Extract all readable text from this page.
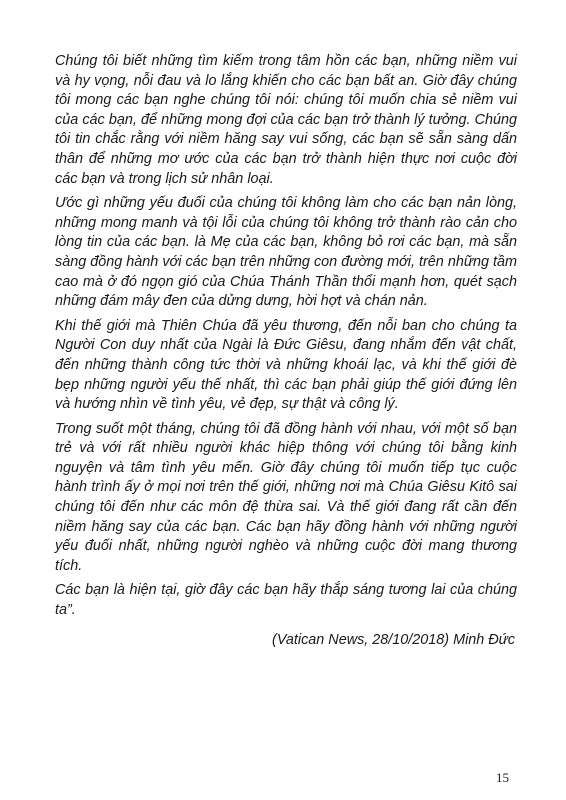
Chúng tôi biết những tìm kiếm trong tâm hồn các bạn, những niềm vui và hy vọng, nỗi đau và lo lắng khiến cho các bạn bất an. Giờ đây chúng tôi mong các bạn nghe chúng tôi nói: chúng tôi muốn chia sẻ niềm vui của các bạn, để những mong đợi của các bạn trở thành lý tưởng. Chúng tôi tin chắc rằng với niềm hăng say vui sống, các bạn sẽ sẵn sàng dấn thân để những mơ ước của các bạn trở thành hiện thực nơi cuộc đời các bạn và trong lịch sử nhân loại.

Ước gì những yếu đuối của chúng tôi không làm cho các bạn nản lòng, những mong manh và tội lỗi của chúng tôi không trở thành rào cản cho lòng tin của các bạn. là Mẹ của các bạn, không bỏ rơi các bạn, mà sẵn sàng đồng hành với các bạn trên những con đường mới, trên những tầm cao mà ở đó ngọn gió của Chúa Thánh Thần thổi mạnh hơn, quét sạch những đám mây đen của dửng dưng, hời hợt và chán nản.

Khi thế giới mà Thiên Chúa đã yêu thương, đến nỗi ban cho chúng ta Người Con duy nhất của Ngài là Đức Giêsu, đang nhắm đến vật chất, đến những thành công tức thời và những khoái lạc, và khi thế giới đè bẹp những người yếu thế nhất, thì các bạn phải giúp thế giới đứng lên và hướng nhìn về tình yêu, vẻ đẹp, sự thật và công lý.

Trong suốt một tháng, chúng tôi đã đồng hành với nhau, với một số bạn trẻ và với rất nhiều người khác hiệp thông với chúng tôi bằng kinh nguyện và tâm tình yêu mến. Giờ đây chúng tôi muốn tiếp tục cuộc hành trình ấy ở mọi nơi trên thế giới, những nơi mà Chúa Giêsu Kitô sai chúng tôi đến như các môn đệ thừa sai. Và thế giới đang rất cần đến niềm hăng say của các bạn. Các bạn hãy đồng hành với những người yếu đuối nhất, những người nghèo và những cuộc đời mang thương tích.

Các bạn là hiện tại, giờ đây các bạn hãy thắp sáng tương lai của chúng ta”.

(Vatican News, 28/10/2018) Minh Đức
15
